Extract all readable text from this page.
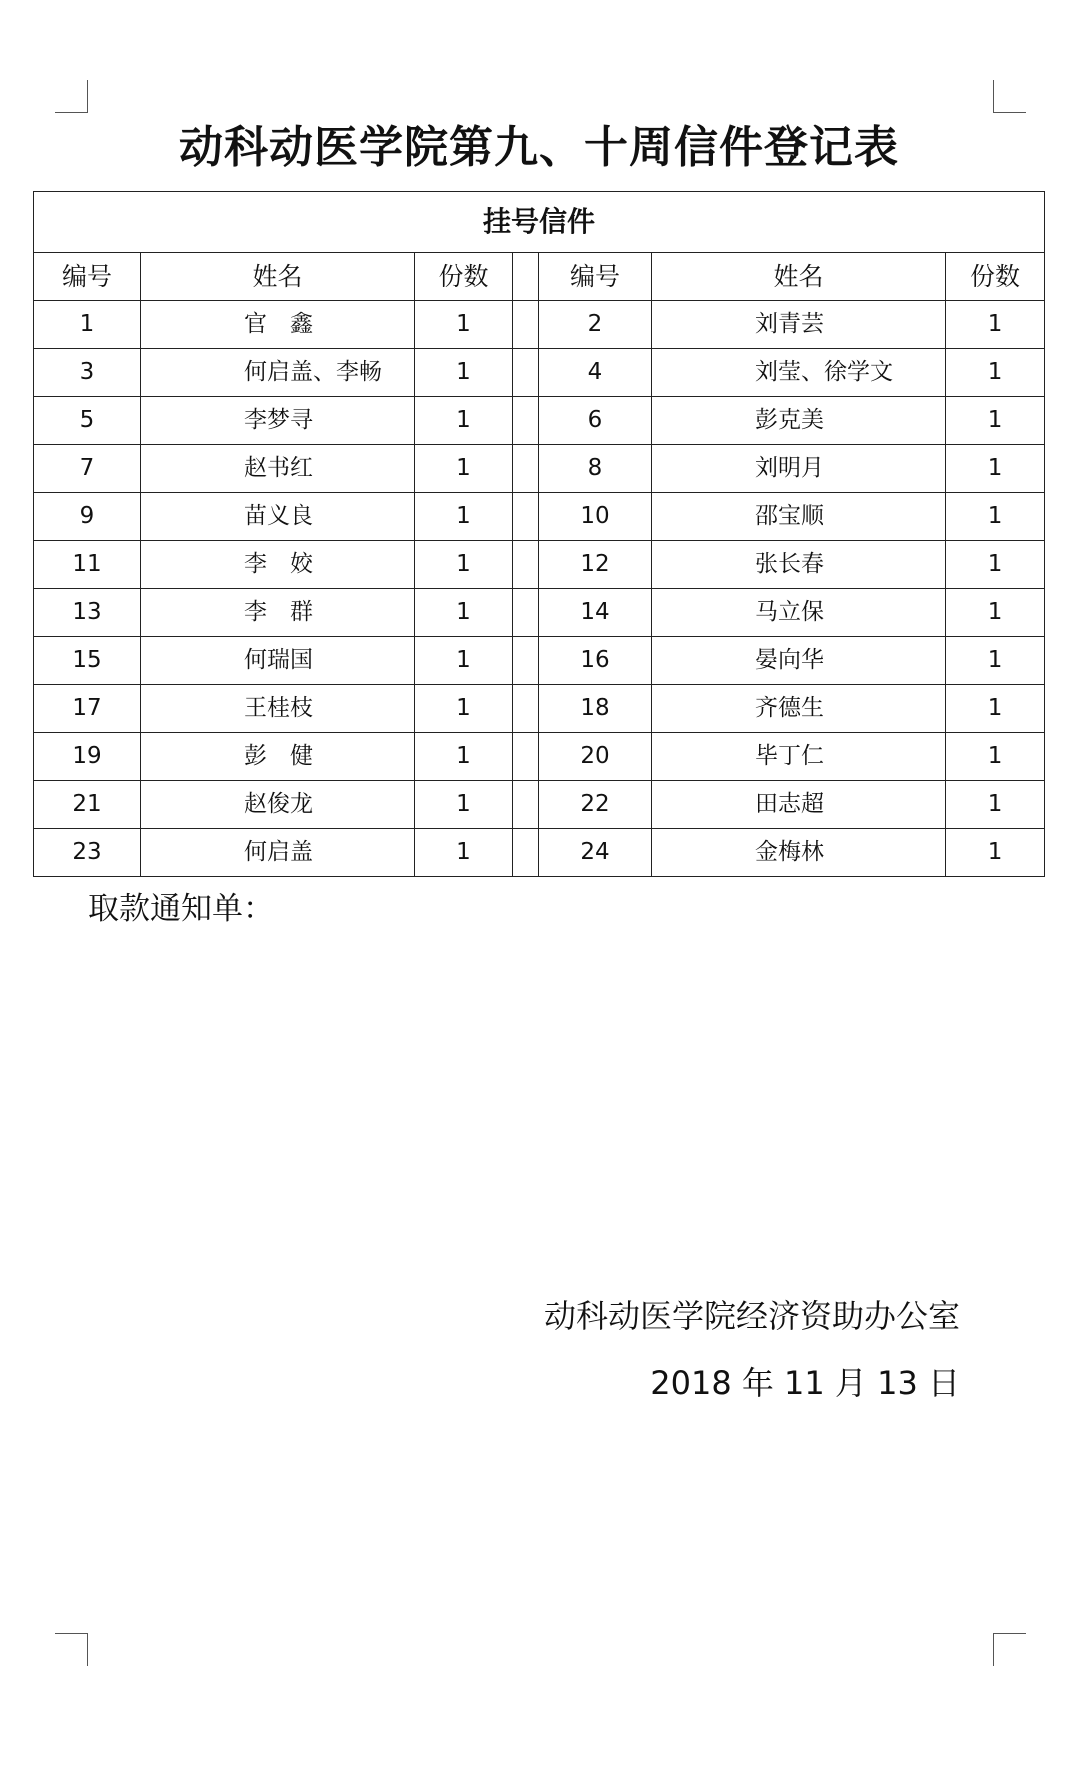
动科动医学院第九、十周信件登记表
挂号信件						
编号	姓名	份数		编号	姓名	份数
1	官　鑫	1		2	刘青芸	1
3	何启盖、李畅	1		4	刘莹、徐学文	1
5	李梦寻	1		6	彭克美	1
7	赵书红	1		8	刘明月	1
9	苗义良	1		10	邵宝顺	1
11	李　姣	1		12	张长春	1
13	李　群	1		14	马立保	1
15	何瑞国	1		16	晏向华	1
17	王桂枝	1		18	齐德生	1
19	彭　健	1		20	毕丁仁	1
21	赵俊龙	1		22	田志超	1
23	何启盖	1		24	金梅林	1
取款通知单：
动科动医学院经济资助办公室
2018 年 11 月 13 日
